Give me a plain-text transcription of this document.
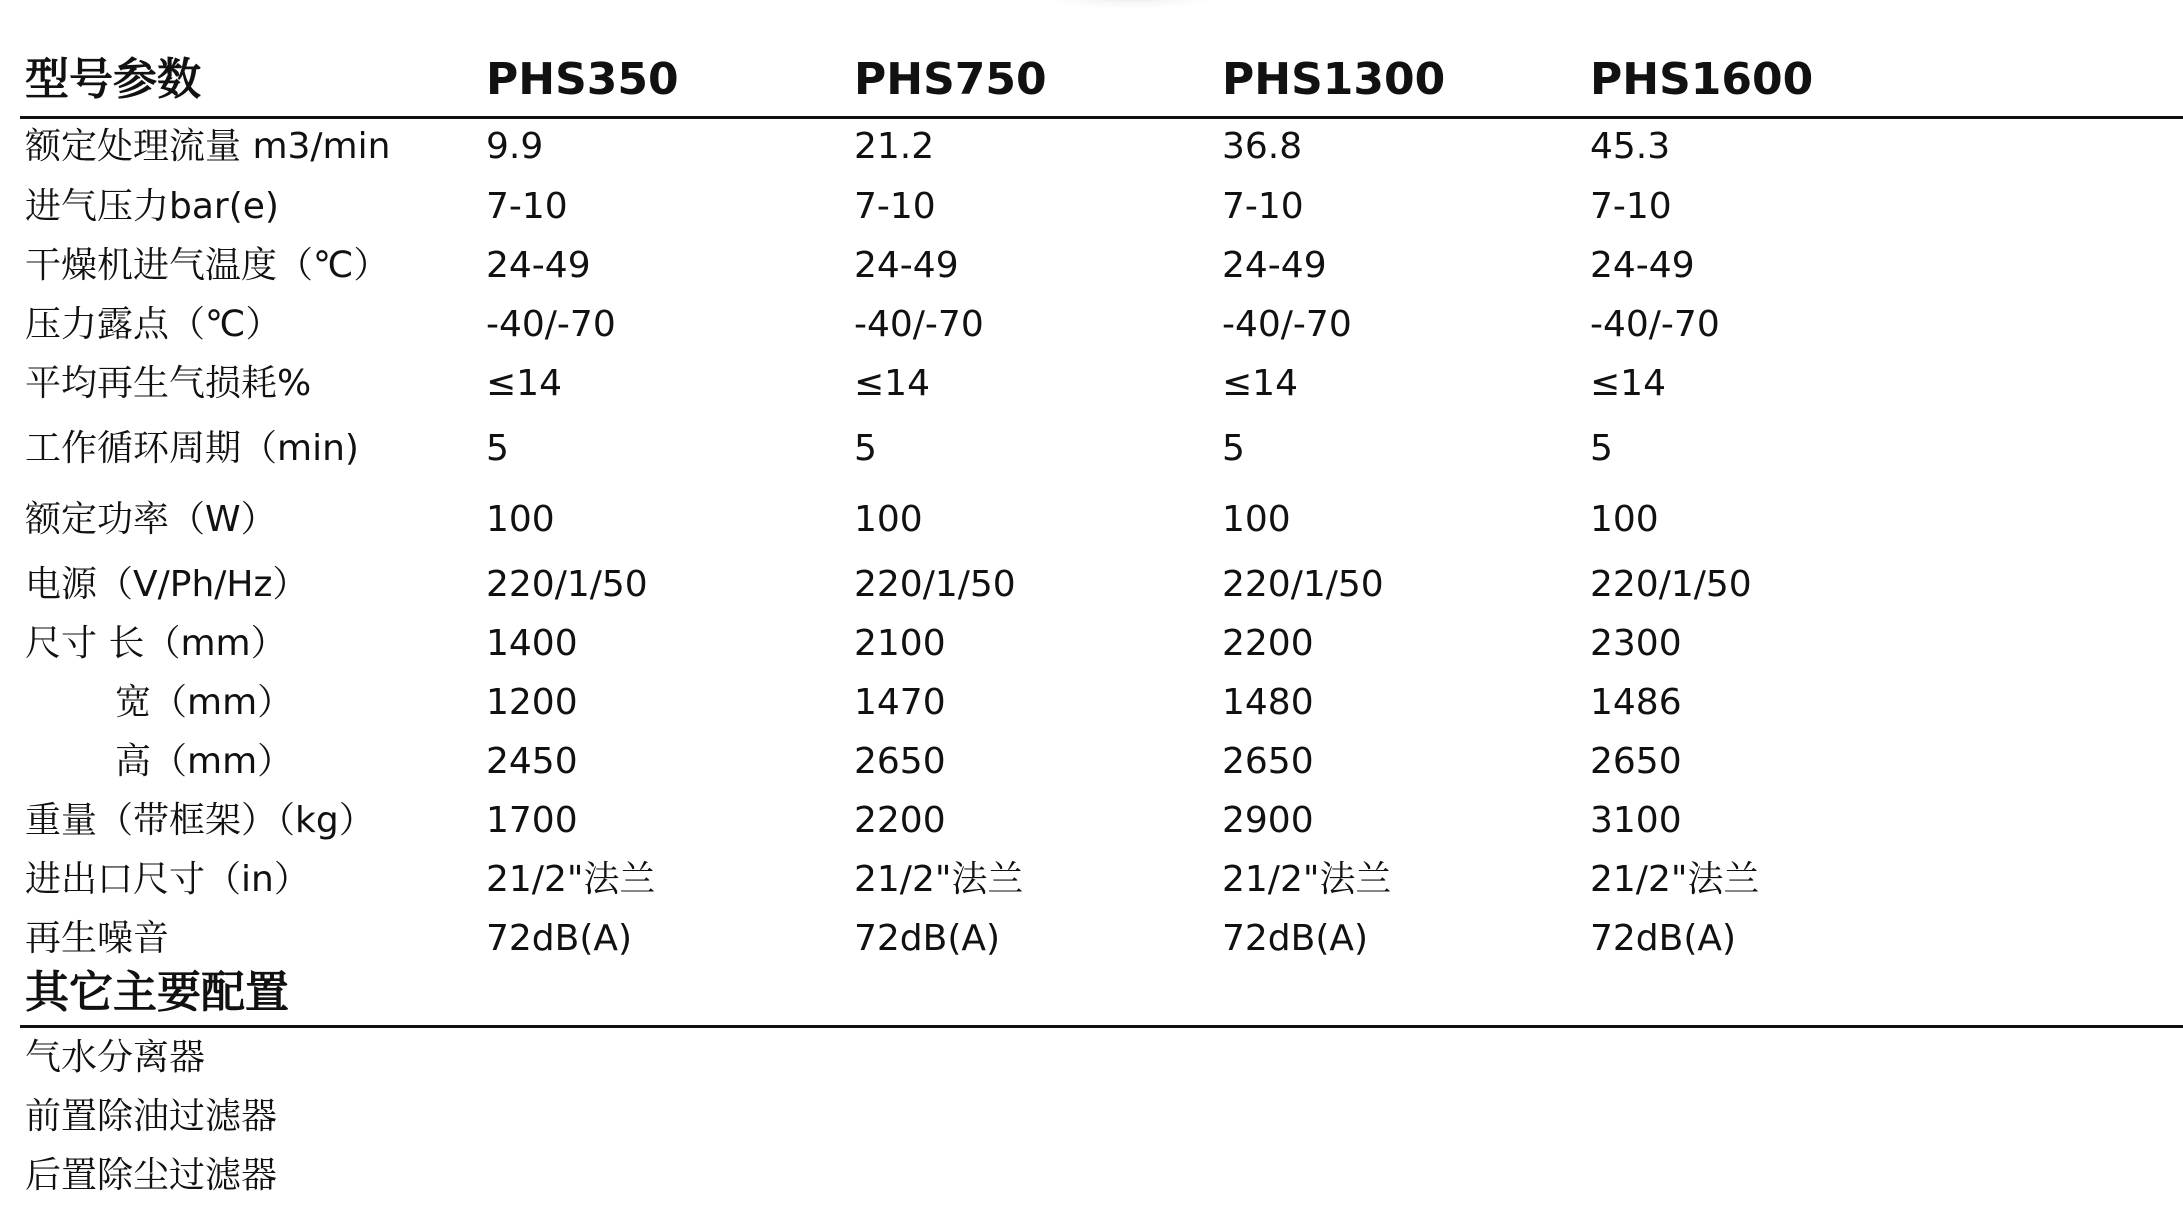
型号参数	PHS350	PHS750	PHS1300	PHS1600
额定处理流量 m3/min	9.9	21.2	36.8	45.3
进气压力bar(e)	7-10	7-10	7-10	7-10
干燥机进气温度（℃）	24-49	24-49	24-49	24-49
压力露点（℃）	-40/-70	-40/-70	-40/-70	-40/-70
平均再生气损耗%	≤14	≤14	≤14	≤14
工作循环周期（min)	5	5	5	5
额定功率（W）	100	100	100	100
电源（V/Ph/Hz）	220/1/50	220/1/50	220/1/50	220/1/50
尺寸 长（mm）	1400	2100	2200	2300
宽（mm）	1200	1470	1480	1486
高（mm）	2450	2650	2650	2650
重量（带框架）（kg）	1700	2200	2900	3100
进出口尺寸（in）	21/2"法兰	21/2"法兰	21/2"法兰	21/2"法兰
再生噪音	72dB(A)	72dB(A)	72dB(A)	72dB(A)
其它主要配置
气水分离器
前置除油过滤器
后置除尘过滤器
